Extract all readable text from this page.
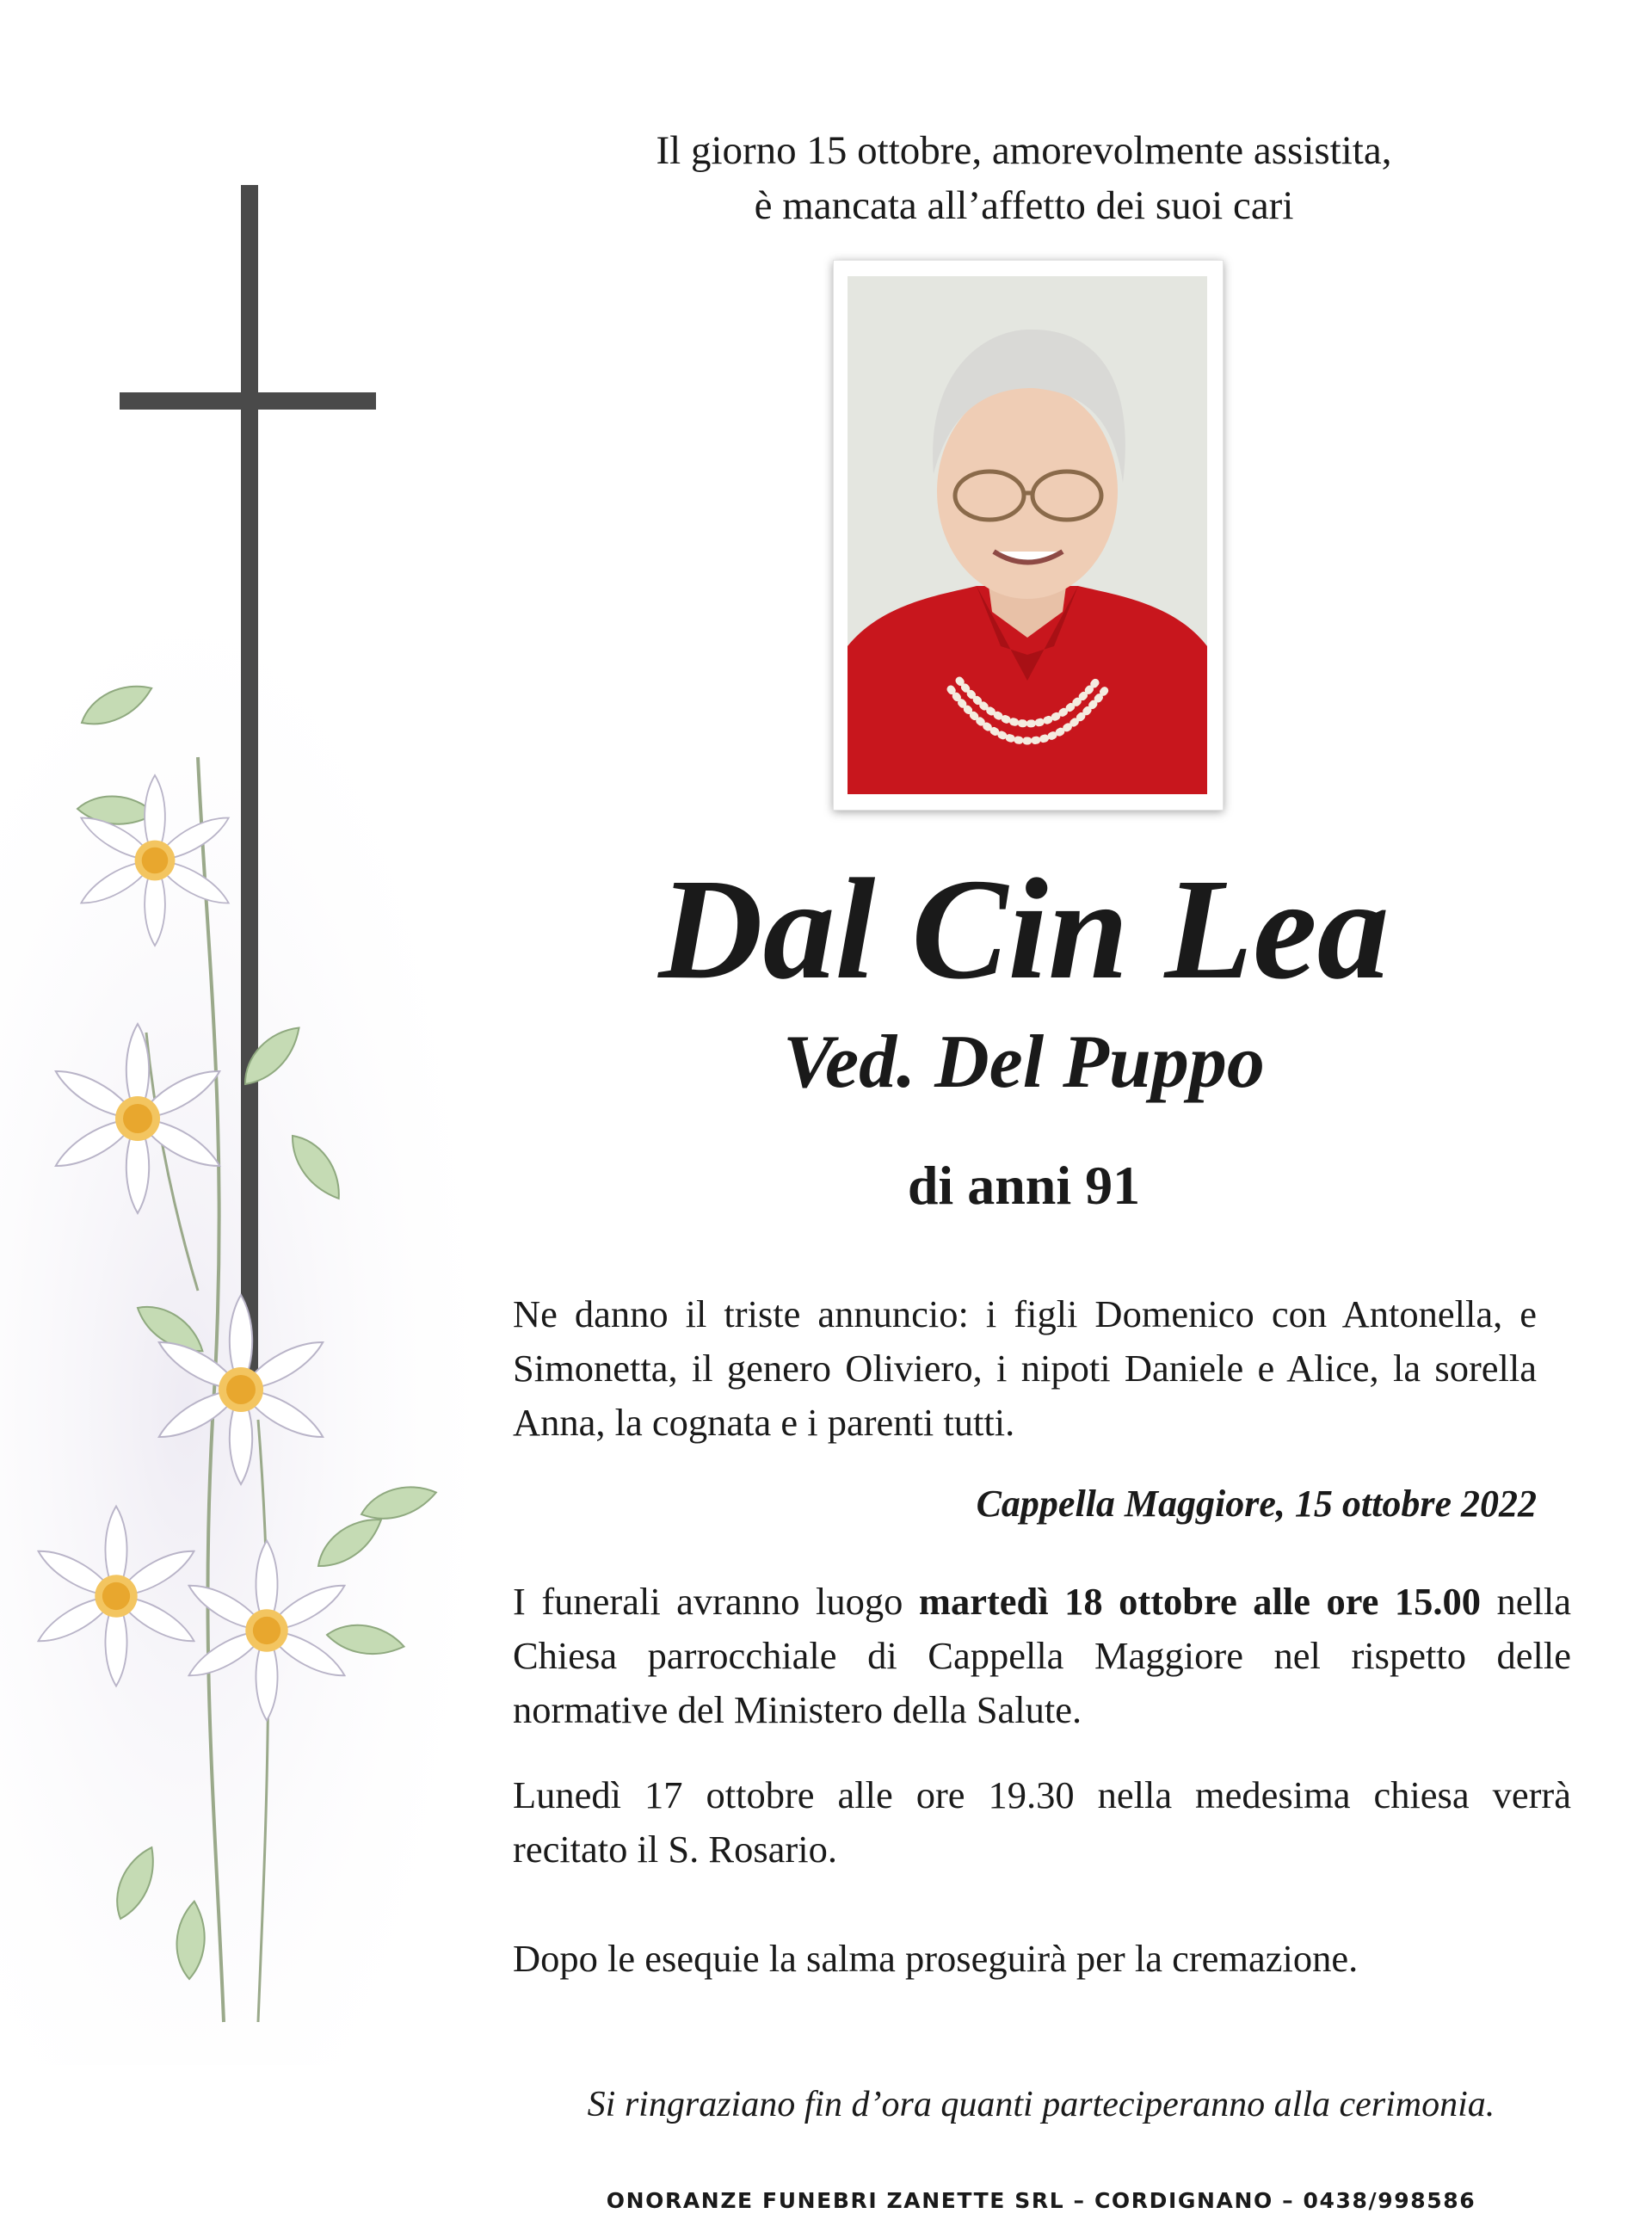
Il giorno 15 ottobre, amorevolmente assistita,
è mancata all’affetto dei suoi cari
Dal Cin Lea
Ved. Del Puppo
di anni 91
Ne danno il triste annuncio: i figli Domenico con Antonella, e Simonetta, il genero Oliviero, i nipoti Daniele e Alice, la sorella Anna, la cognata e i parenti tutti.
Cappella Maggiore, 15 ottobre 2022
I funerali avranno luogo martedì 18 ottobre alle ore 15.00 nella Chiesa parrocchiale di Cappella Maggiore nel rispetto delle normative del Ministero della Salute.
Lunedì 17 ottobre alle ore 19.30 nella medesima chiesa verrà recitato il S. Rosario.
Dopo le esequie la salma proseguirà per la cremazione.
Si ringraziano fin d’ora quanti parteciperanno alla cerimonia.
ONORANZE FUNEBRI ZANETTE SRL – CORDIGNANO – 0438/998586
